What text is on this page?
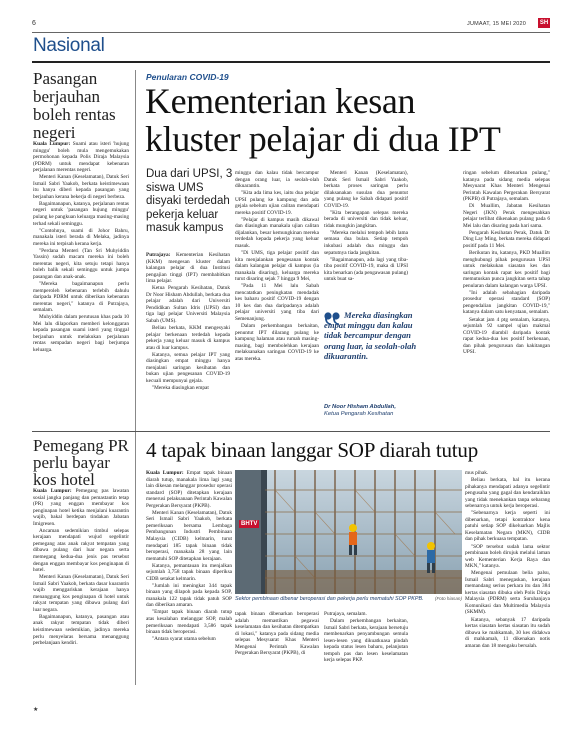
6	JUMAAT, 15 MEI 2020	SH
Nasional
Pasangan berjauhan boleh rentas negeri

Kuala Lumpur: Suami atau isteri 'hujung minggu' boleh mula mengemukakan permohonan kepada Polis Diraja Malaysia (PDRM) untuk mendapat kebenaran perjalanan merentas negeri.

Menteri Kanan (Keselamatan), Datuk Seri Ismail Sabri Yaakob, berkata keistimewaan itu hanya diberi kepada pasangan yang berjauhan kerana bekerja di negeri berbeza.

Bagaimanapun, katanya, perjalanan rentas negeri untuk 'pasangan hujung minggu' pulang ke pangkuan keluarga masing-masing terhad sekali seminggu.

"Contohnya, suami di Johor Bahru, manakala isteri berada di Melaka, jadinya mereka ini terpisah kerana kerja.

"Perdana Menteri (Tan Sri Muhyiddin Yassin) sudah macam mereka ini boleh merentas negeri, kita setuju tetapi hanya boleh balik sekali seminggu untuk jumpa pasangan dan anak-anak.

"Mereka bagaimanapun perlu memperoleh kebenaran terlebih dahulu daripada PDRM untuk diberikan kebenaran merentas negeri," katanya di Putrajaya, semalam.

Muhyiddin dalam perutusan khas pada 10 Mei lalu dilaporkan memberi kelonggaran kepada pasangan suami isteri yang tinggal berjauhan untuk melakukan perjalanan rentas sempadan negeri bagi berjumpa keluarga.

Penularan COVID-19
Kementerian kesan
kluster pelajar di dua IPT
Dua dari UPSI, 3 siswa UMS disyaki terdedah pekerja keluar masuk kampus

Putrajaya: Kementerian Kesihatan (KKM) mengesan kluster dalam kalangan pelajar di dua Institusi pengajian tinggi (IPT) membabitkan lima pelajar.

Ketua Pengarah Kesihatan, Datuk Dr Noor Hisham Abdullah, berkata dua pelajar adalah dari Universiti Pendidikan Sultan Idris (UPSI) dan tiga lagi pelajar Universiti Malaysia Sabah (UMS).

Beliau berkata, KKM mengesyaki pelajar berkenaan terdedah kepada pekerja yang keluar masuk di kampus atau di luar kampus.

Katanya, semua pelajar IPT yang diasingkan empat minggu hanya menjalani saringan kesihatan dan bukan ujian pengesanan COVID-19 kecuali mempunyai gejala.

"Mereka diasingkan empat

minggu dan kalau tidak bercampur dengan orang luar, ia seolah-olah dikuarantin.

"Kita ada lima kes, iaitu dua pelajar UPSI pulang ke kampung dan ada gejala sebelum ujian calitan mendapati mereka positif COVID-19.

"Pelajar di kampus masih dikawal dan diasingkan manakala ujian calitan dijalankan, besar kemungkinan mereka terdedah kepada pekerja yang keluar masuk.

"Di UMS, tiga pelajar positif dan kita menjalankan pengesanan kontak dalam kalangan pelajar di kampus (ia manakala disaring), keluarga mereka turut disaring sejak 7 hingga 9 Mei,

"Pada 11 Mei lalu Sabah mencatatkan peningkatan mendadak kes baharu positif COVID-19 dengan 10 kes dan dua daripadanya adalah pelajar universiti yang tiba dari Semenanjung.

Dalam perkembangan berkaitan, penuntut IPT dilarang pulang ke kampung halaman atau rumah masing-masing, bagi membolehkan kerajaan melaksanakan saringan COVID-19 ke atas mereka.

Menteri Kanan (Keselamatan), Datuk Seri Ismail Sabri Yaakob, berkata proses saringan perlu dilaksanakan susulan dua penuntut yang pulang ke Sabah didapati positif COVID-19.

"Kita berangapan selepas mereka berada di universiti dan tidak keluar, tidak mungkin jangkitan.

"Mereka melalui tempoh lebih lama semasa dua bulan. Setiap tempoh inkubasi adalah dua minggu dan sepatutnya tiada jangkitan.

"Bagaimanapun, ada lagi yang tiba-tiba positif COVID-19, maka di UPSI kita benarkan (ada pengawasan pulang) untuk buat sa-

Mereka diasingkan empat minggu dan kalau tidak bercampur dengan orang luar, ia seolah-olah dikuarantin.
Dr Noor Hisham Abdullah,
Ketua Pengarah Kesihatan

ringan sebelum dibenarkan pulang," katanya pada sidang media selepas Mesyuarat Khas Menteri Mengenai Perintah Kawalan Pergerakan Bersyarat (PKPB) di Putrajaya, semalam.

Di Muallim, Jabatan Kesihatan Negeri (JKN) Perak mengesahkan pelajar terlibat dikenakan pulang pada 6 Mei lalu dan disaring pada hari sama.

Pengarah Kesihatan Perak, Datuk Dr Ding Lay Ming, berkata mereka didapati positif pada 11 Mei.

Berikutan itu, katanya, PKD Muallim menghubungi pihak pengurusan UPSI untuk melakukan siasatan kes dan saringan kontak rapat kes positif bagi memutuskan punca jangkitan serta tahap penularan dalam kalangan warga UPSI.

"Ini adalah sebahagian daripada prosedur operasi standard (SOP) pengendalian jangkitan COVID-19," katanya dalam satu kenyataan, semalam.

Setakat jam 4 ptg semalam, katanya, sejumlah 92 sampel ujian makmal COVID-19 diambil daripada kontak rapat kedua-dua kes positif berkenaan, dan pihak pengurusan dan kakitangan UPSI.

Pemegang PR perlu bayar kos hotel

Kuala Lumpur: Pemegang pas lawatan sosial jangka panjang dan pemastautin tetap (PR) yang enggan membayar kos penginapan hotel ketika menjalani kuarantin wajib, bakal berdepan tindakan Jabatan Imigresen.

Ancaman sedemikian timbul selepas kerajaan mendapati wujud segelintir pemegang atas anak rakyat tempatan yang dibawa pulang dari luar negara serta memegang kedua-dua jenis pas tersebut dengan enggan membayar kos penginapan di hotel.

Menteri Kanan (Keselamatan), Datuk Seri Ismail Sabri Yaakob, berkata dasar kuarantin wajib menggariskan kerajaan hanya menanggung kos penginapan di hotel untuk rakyat tempatan yang dibawa pulang dari luar negara.

Bagaimanapun, katanya, pasangan atau anak rakyat tempatan tidak diberi keistimewaan sedemikian, jadinya mereka perlu menyelaras bersama menanggung perbelanjaan kendiri.

4 tapak binaan langgar SOP diarah tutup

Kuala Lumpur: Empat tapak binaan diarah tutup, manakala lima lagi yang lain dikesan melanggar prosedur operasi standard (SOP) ditetapkan kerajaan menerusi pelaksanaan Perintah Kawalan Pergerakan Bersyarat (PKPB).

Menteri Kanan (Keselamatan), Datuk Seri Ismail Sabri Yaakob, berkata pemeriksaan bersama Lembaga Pembangunan Industri Pembinaan Malaysia (CIDB) kelmarin, turut mendapati 185 tapak binaan tidak beroperasi, manakala 28 yang lain mematuhi SOP ditetapkan kerajaan.

Katanya, pemantauan itu menjalkan sejumlah 3,758 tapak binaan diperiksa CIDB setakat kelmarin.

"Jumlah ini meningkat 344 tapak binaan yang dilapoh pada kepada SOP, manakala 122 tapak tidak patuh SOP dan diberikan amaran.

"Empat tapak binaan diarah tutup atas kesalahan melanggar SOP, malah pemeriksaan mendapati 3,586 tapak binaan tidak beroperasi.

"Antara syarat utama sebelum

BHTV
Sektor pembinaan dibenar beroperasi dan pekerja perlu mematuhi SOP PKPB. (Foto hiasan)

tapak binaan dibenarkan beroperasi adalah memastikan pegawai keselamatan dan kesihatan ditempatkan di lokasi," katanya pada sidang media selepas Mesyuarat Khas Menteri Mengenai Perintah Kawalan Pergerakan Bersyarat (PKPB), di

Putrajaya, semalam.

Dalam perkembangan berkaitan, Ismail Sabri berkata, kerajaan bersetuju membenarkan penyambungan semula lesen-lesen yang dikuatkuasa pindah kepada status lesen baharu, pelanjutan tempoh pas dan lesen keselamatan kerja selepas PKP.

mus pihak.

Beliau berkata, hal itu kerana pihakanya mendapati adanya segelintir pengusaha yang gagal dan kendaraiklan yang tidak menekankan tanpa sebarang sebenarnya untuk kerja beroperasi.

"Sebenarnya kerja seperti ini dibenarkan, tetapi kontraktor kena patuhi setiap SOP dikeluarkan Majlis Keselamatan Negara (MKN), CIDB dan pihak berkuasa tempatan.

"SOP tersebut sudah lama sektor pembinaan boleh dirujuk melalui laman web Kementerian Kerja Raya dan MKN," katanya.

Mengenai pemulaan belia palsu, Ismail Sabri menegaskan, kerajaan memandang serius perkara itu dan 384 kertas siasatan dibuka oleh Polis Diraja Malaysia (PDRM) serta Suruhanjaya Komunikasi dan Multimedia Malaysia (SKMM).

Katanya, sebanyak 17 daripada kertas siasatan kertas siasatan itu sudah dibawa ke mahkamah, 30 kes didakwa di mahkamah, 11 dikenakan notis amaran dan 18 mengaku bersalah.

★
